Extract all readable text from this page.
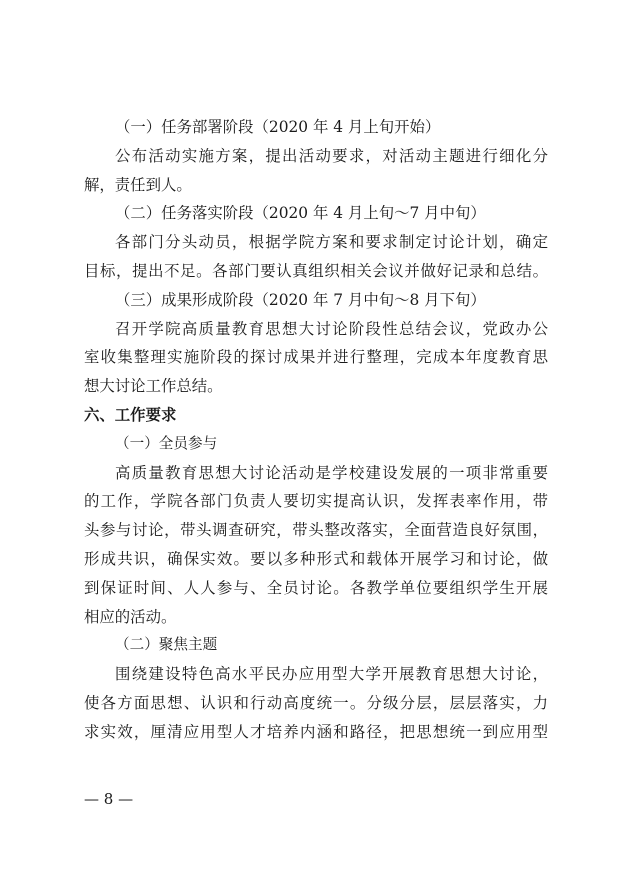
（一）任务部署阶段（2020 年 4 月上旬开始）
公布活动实施方案，提出活动要求，对活动主题进行细化分
解，责任到人。
（二）任务落实阶段（2020 年 4 月上旬～7 月中旬）
各部门分头动员，根据学院方案和要求制定讨论计划，确定
目标，提出不足。各部门要认真组织相关会议并做好记录和总结。
（三）成果形成阶段（2020 年 7 月中旬～8 月下旬）
召开学院高质量教育思想大讨论阶段性总结会议，党政办公
室收集整理实施阶段的探讨成果并进行整理，完成本年度教育思
想大讨论工作总结。
六、工作要求
（一）全员参与
高质量教育思想大讨论活动是学校建设发展的一项非常重要
的工作，学院各部门负责人要切实提高认识，发挥表率作用，带
头参与讨论，带头调查研究，带头整改落实，全面营造良好氛围，
形成共识，确保实效。要以多种形式和载体开展学习和讨论，做
到保证时间、人人参与、全员讨论。各教学单位要组织学生开展
相应的活动。
（二）聚焦主题
围绕建设特色高水平民办应用型大学开展教育思想大讨论，
使各方面思想、认识和行动高度统一。分级分层，层层落实，力
求实效，厘清应用型人才培养内涵和路径，把思想统一到应用型
— 8 —
